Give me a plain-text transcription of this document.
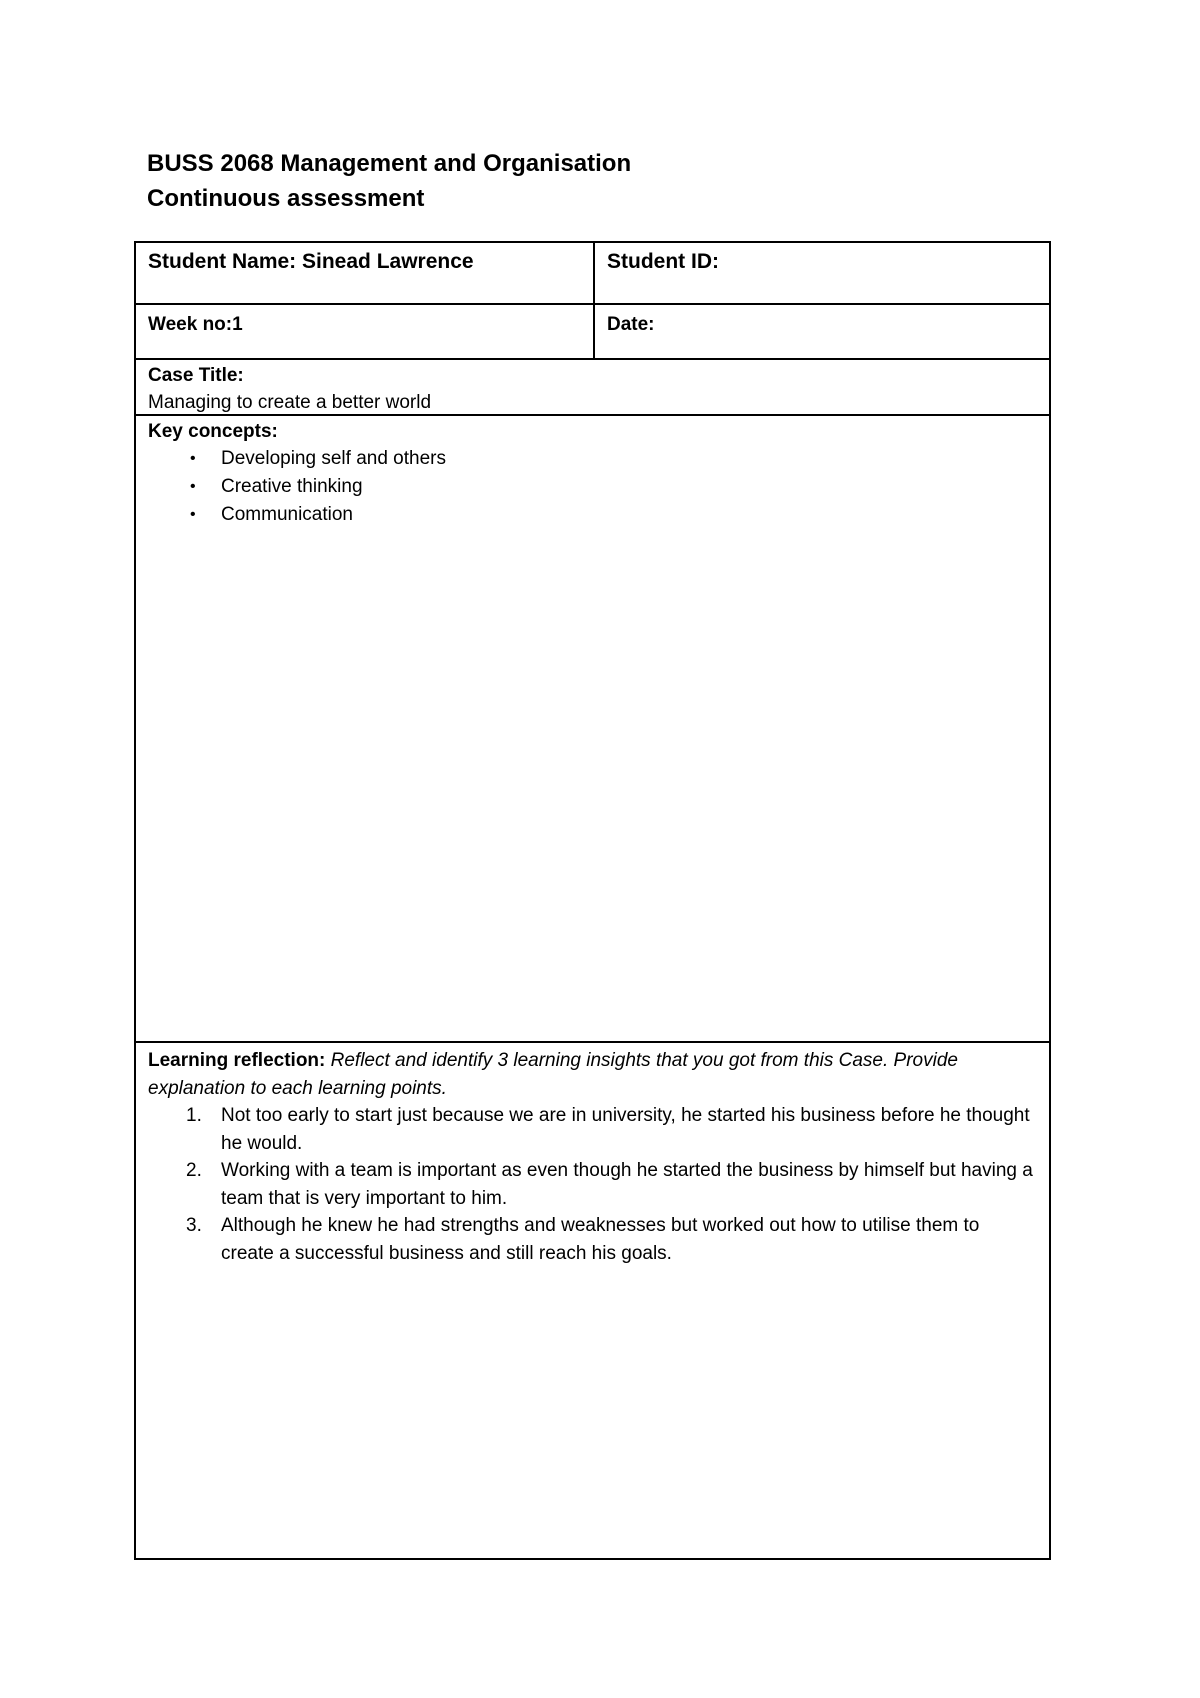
BUSS 2068 Management and Organisation
Continuous assessment
Student Name: Sinead Lawrence	Student ID:
Week no:1	Date:
Case Title:
Managing to create a better world
Key concepts:
• Developing self and others
• Creative thinking
• Communication
Learning reflection: Reflect and identify 3 learning insights that you got from this Case. Provide explanation to each learning points.
1. Not too early to start just because we are in university, he started his business before he thought he would.
2. Working with a team is important as even though he started the business by himself but having a team that is very important to him.
3. Although he knew he had strengths and weaknesses but worked out how to utilise them to create a successful business and still reach his goals.
